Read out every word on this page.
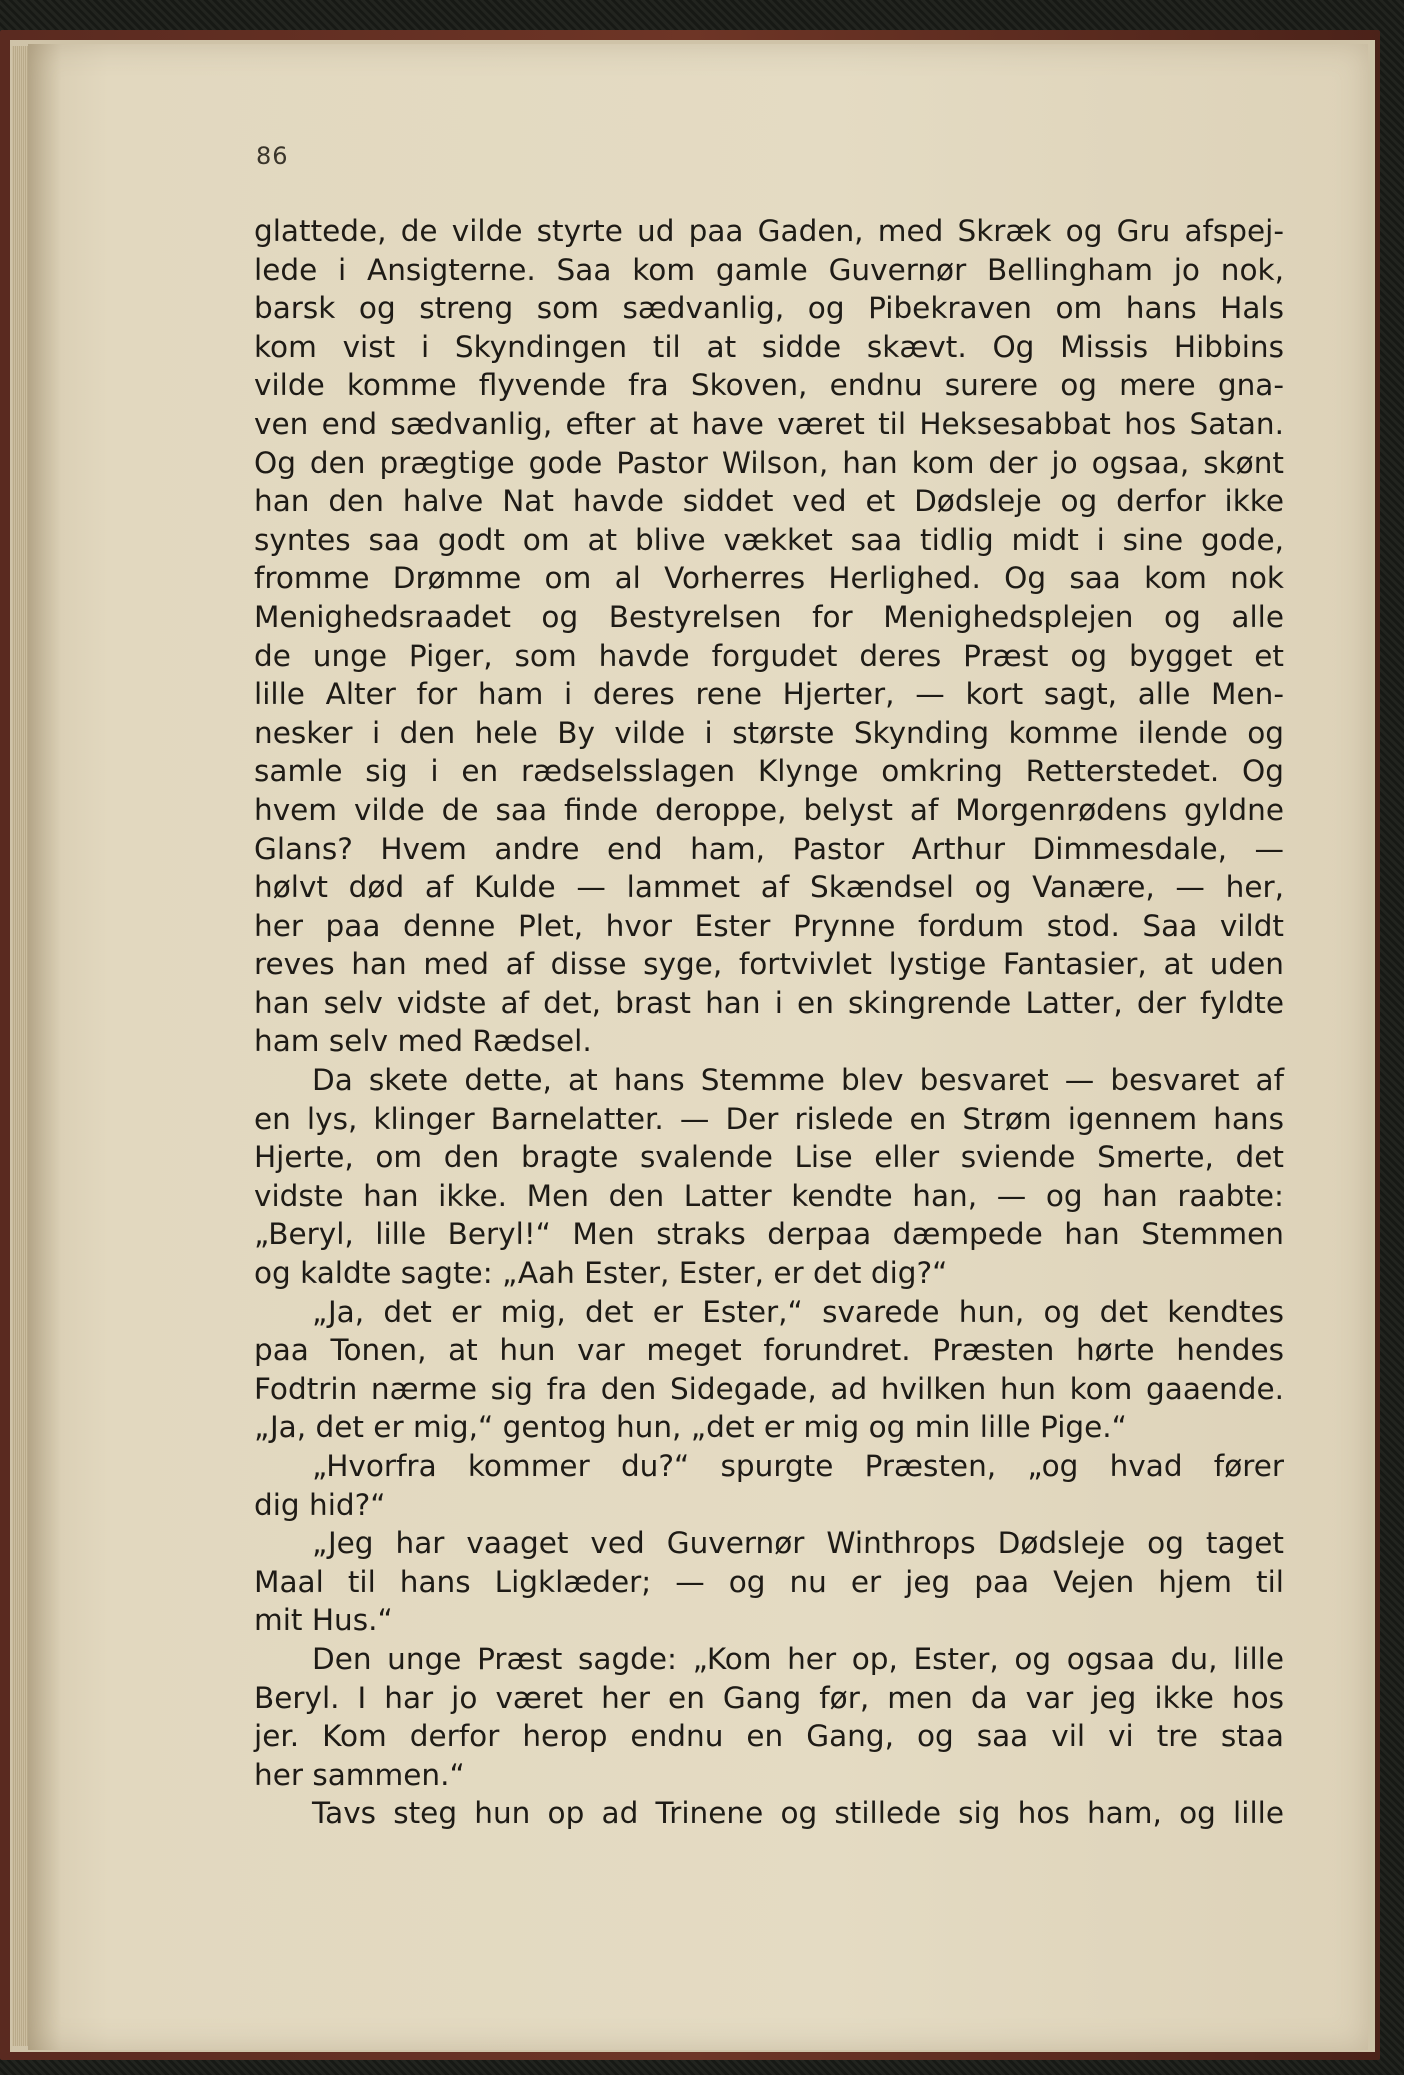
86
glattede, de vilde styrte ud paa Gaden, med Skræk og Gru afspej-
lede i Ansigterne. Saa kom gamle Guvernør Bellingham jo nok,
barsk og streng som sædvanlig, og Pibekraven om hans Hals
kom vist i Skyndingen til at sidde skævt. Og Missis Hibbins
vilde komme flyvende fra Skoven, endnu surere og mere gna-
ven end sædvanlig, efter at have været til Heksesabbat hos Satan.
Og den prægtige gode Pastor Wilson, han kom der jo ogsaa, skønt
han den halve Nat havde siddet ved et Dødsleje og derfor ikke
syntes saa godt om at blive vækket saa tidlig midt i sine gode,
fromme Drømme om al Vorherres Herlighed. Og saa kom nok
Menighedsraadet og Bestyrelsen for Menighedsplejen og alle
de unge Piger, som havde forgudet deres Præst og bygget et
lille Alter for ham i deres rene Hjerter, — kort sagt, alle Men-
nesker i den hele By vilde i største Skynding komme ilende og
samle sig i en rædselsslagen Klynge omkring Retterstedet. Og
hvem vilde de saa finde deroppe, belyst af Morgenrødens gyldne
Glans? Hvem andre end ham, Pastor Arthur Dimmesdale, —
hølvt død af Kulde — lammet af Skændsel og Vanære, — her,
her paa denne Plet, hvor Ester Prynne fordum stod. Saa vildt
reves han med af disse syge, fortvivlet lystige Fantasier, at uden
han selv vidste af det, brast han i en skingrende Latter, der fyldte
ham selv med Rædsel.
Da skete dette, at hans Stemme blev besvaret — besvaret af
en lys, klinger Barnelatter. — Der rislede en Strøm igennem hans
Hjerte, om den bragte svalende Lise eller sviende Smerte, det
vidste han ikke. Men den Latter kendte han, — og han raabte:
„Beryl, lille Beryl!“ Men straks derpaa dæmpede han Stemmen
og kaldte sagte: „Aah Ester, Ester, er det dig?“
„Ja, det er mig, det er Ester,“ svarede hun, og det kendtes
paa Tonen, at hun var meget forundret. Præsten hørte hendes
Fodtrin nærme sig fra den Sidegade, ad hvilken hun kom gaaende.
„Ja, det er mig,“ gentog hun, „det er mig og min lille Pige.“
„Hvorfra kommer du?“ spurgte Præsten, „og hvad fører
dig hid?“
„Jeg har vaaget ved Guvernør Winthrops Dødsleje og taget
Maal til hans Ligklæder; — og nu er jeg paa Vejen hjem til
mit Hus.“
Den unge Præst sagde: „Kom her op, Ester, og ogsaa du, lille
Beryl. I har jo været her en Gang før, men da var jeg ikke hos
jer. Kom derfor herop endnu en Gang, og saa vil vi tre staa
her sammen.“
Tavs steg hun op ad Trinene og stillede sig hos ham, og lille
